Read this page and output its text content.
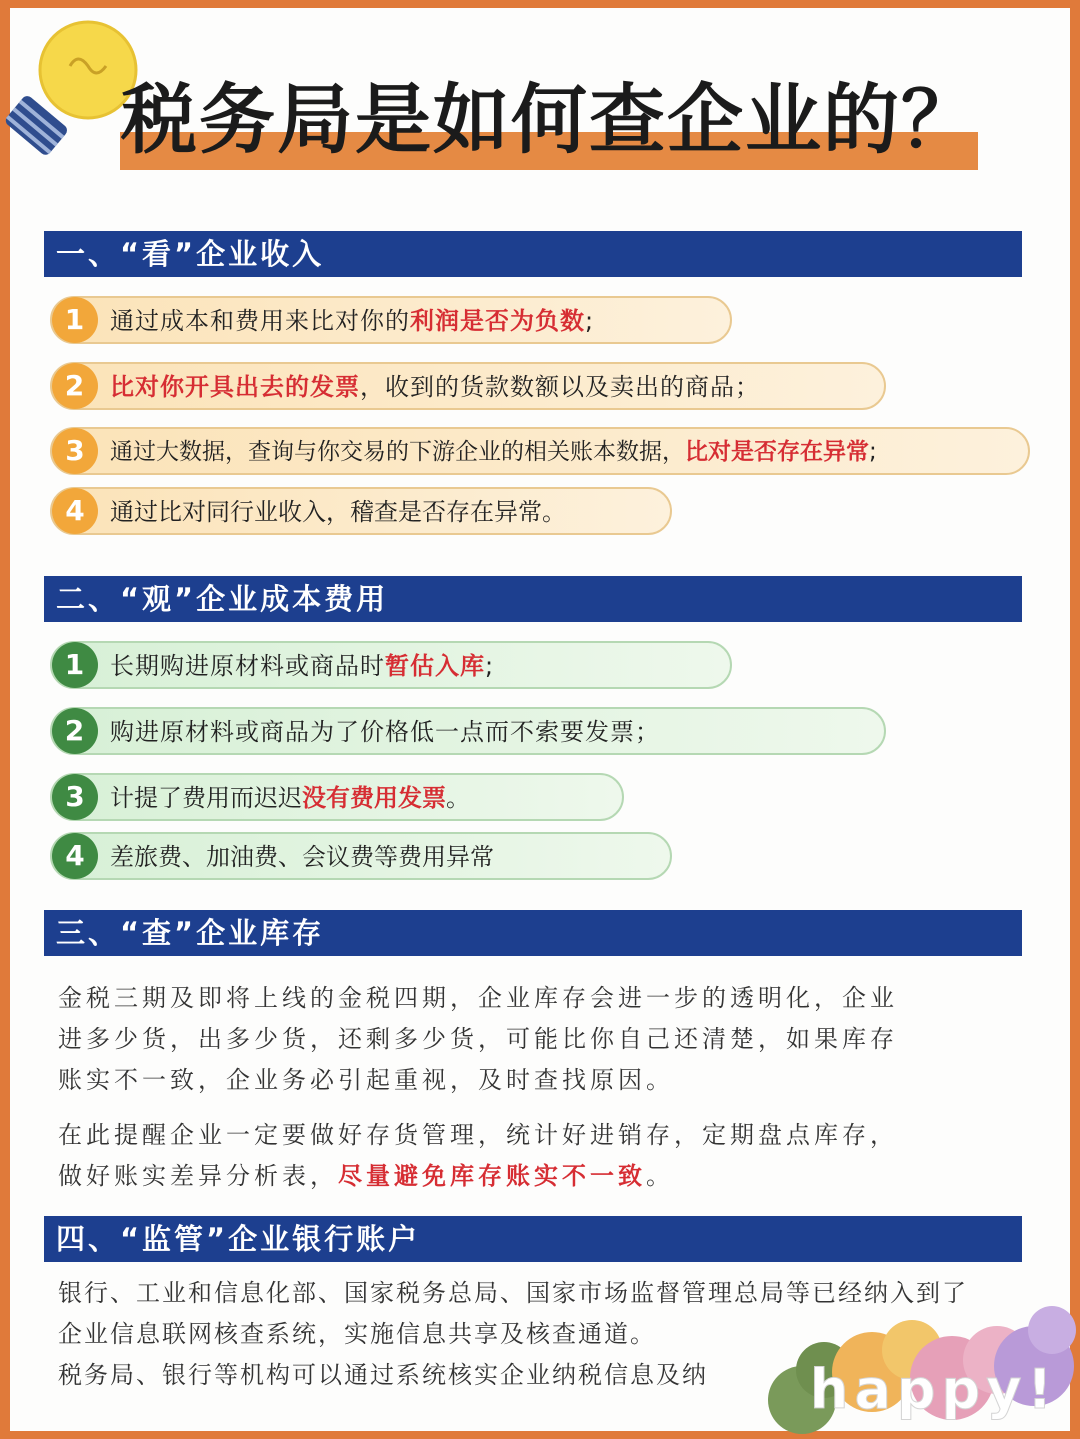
税务局是如何查企业的？
一、“看”企业收入
1	通过成本和费用来比对你的利润是否为负数;
2	比对你开具出去的发票，收到的货款数额以及卖出的商品；
3	通过大数据，查询与你交易的下游企业的相关账本数据，比对是否存在异常;
4	通过比对同行业收入，稽查是否存在异常。
二、“观”企业成本费用
1	长期购进原材料或商品时暂估入库;
2	购进原材料或商品为了价格低一点而不索要发票；
3	计提了费用而迟迟没有费用发票。
4	差旅费、加油费、会议费等费用异常
三、“查”企业库存
金税三期及即将上线的金税四期，企业库存会进一步的透明化，企业
进多少货，出多少货，还剩多少货，可能比你自己还清楚，如果库存
账实不一致，企业务必引起重视，及时查找原因。
在此提醒企业一定要做好存货管理，统计好进销存，定期盘点库存，
做好账实差异分析表，尽量避免库存账实不一致。
四、“监管”企业银行账户
银行、工业和信息化部、国家税务总局、国家市场监督管理总局等已经纳入到了
企业信息联网核查系统，实施信息共享及核查通道。
税务局、银行等机构可以通过系统核实企业纳税信息及纳	happy!
